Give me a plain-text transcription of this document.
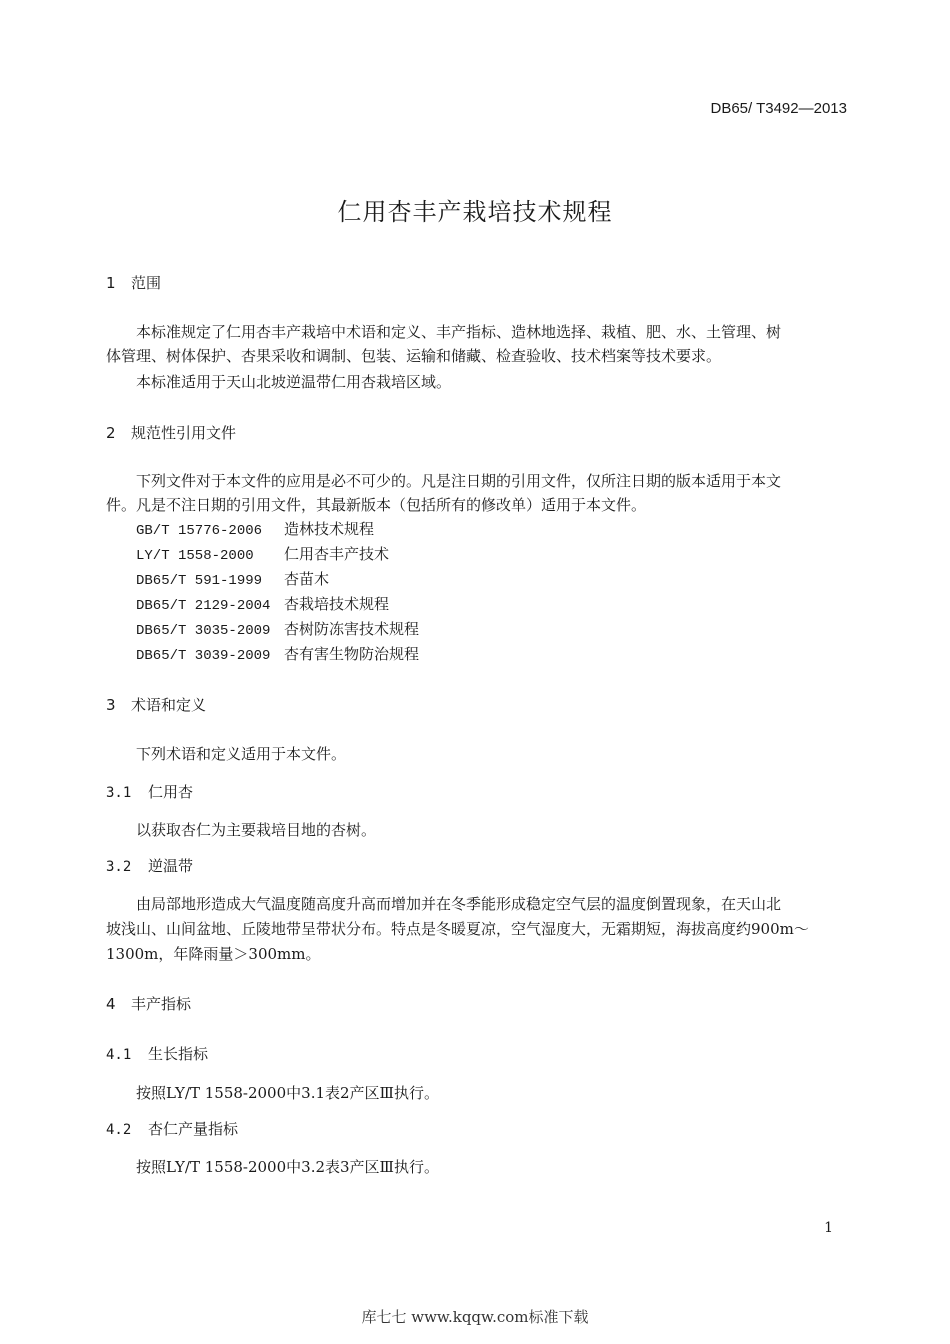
DB65/ T3492—2013
仁用杏丰产栽培技术规程
1 范围
本标准规定了仁用杏丰产栽培中术语和定义、丰产指标、造林地选择、栽植、肥、水、土管理、树
体管理、树体保护、杏果采收和调制、包装、运输和储藏、检查验收、技术档案等技术要求。
本标准适用于天山北坡逆温带仁用杏栽培区域。
2 规范性引用文件
下列文件对于本文件的应用是必不可少的。凡是注日期的引用文件，仅所注日期的版本适用于本文
件。凡是不注日期的引用文件，其最新版本（包括所有的修改单）适用于本文件。
GB/T 15776-2006 造林技术规程
LY/T 1558-2000 仁用杏丰产技术
DB65/T 591-1999 杏苗木
DB65/T 2129-2004 杏栽培技术规程
DB65/T 3035-2009 杏树防冻害技术规程
DB65/T 3039-2009 杏有害生物防治规程
3 术语和定义
下列术语和定义适用于本文件。
3.1 仁用杏
以获取杏仁为主要栽培目地的杏树。
3.2 逆温带
由局部地形造成大气温度随高度升高而增加并在冬季能形成稳定空气层的温度倒置现象，在天山北
坡浅山、山间盆地、丘陵地带呈带状分布。特点是冬暖夏凉，空气湿度大，无霜期短，海拔高度约900m～
1300m，年降雨量＞300mm。
4 丰产指标
4.1 生长指标
按照LY/T 1558-2000中3.1表2产区Ⅲ执行。
4.2 杏仁产量指标
按照LY/T 1558-2000中3.2表3产区Ⅲ执行。
1
库七七 www.kqqw.com标准下载
